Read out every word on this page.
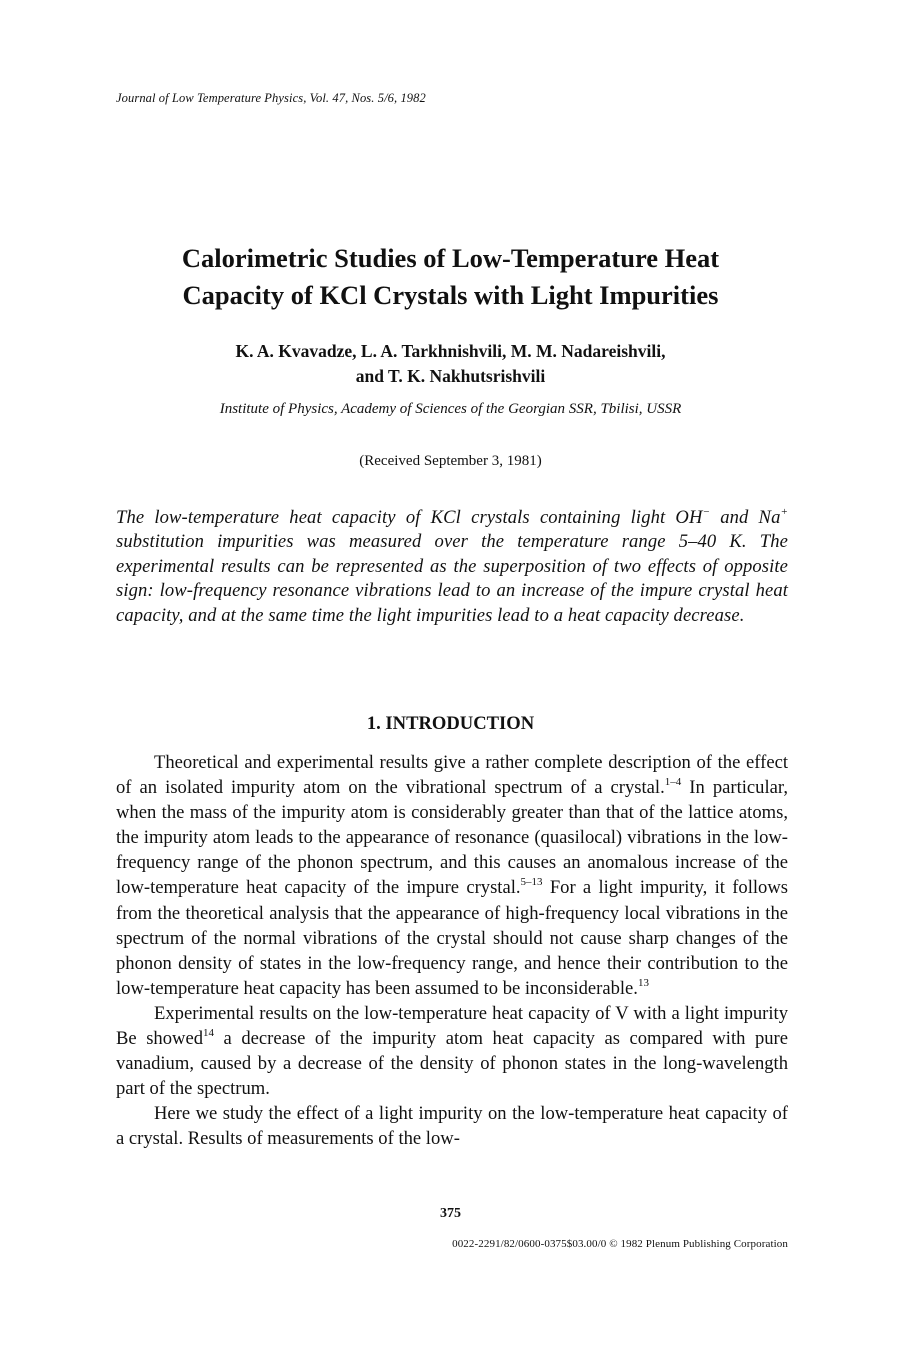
Journal of Low Temperature Physics, Vol. 47, Nos. 5/6, 1982
Calorimetric Studies of Low-Temperature Heat
Capacity of KCl Crystals with Light Impurities
K. A. Kvavadze, L. A. Tarkhnishvili, M. M. Nadareishvili,
and T. K. Nakhutsrishvili
Institute of Physics, Academy of Sciences of the Georgian SSR, Tbilisi, USSR
(Received September 3, 1981)
The low-temperature heat capacity of KCl crystals containing light OH− and Na+ substitution impurities was measured over the temperature range 5–40 K. The experimental results can be represented as the superposition of two effects of opposite sign: low-frequency resonance vibrations lead to an increase of the impure crystal heat capacity, and at the same time the light impurities lead to a heat capacity decrease.
1. INTRODUCTION

Theoretical and experimental results give a rather complete description of the effect of an isolated impurity atom on the vibrational spectrum of a crystal.$^{1-4}$ In particular, when the mass of the impurity atom is considerably greater than that of the lattice atoms, the impurity atom leads to the appearance of resonance (quasilocal) vibrations in the low-frequency range of the phonon spectrum, and this causes an anomalous increase of the low-temperature heat capacity of the impure crystal.$^{5-13}$ For a light impurity, it follows from the theoretical analysis that the appearance of high-frequency local vibrations in the spectrum of the normal vibrations of the crystal should not cause sharp changes of the phonon density of states in the low-frequency range, and hence their contribution to the low-temperature heat capacity has been assumed to be inconsiderable.$^{13}$

Experimental results on the low-temperature heat capacity of V with a light impurity Be showed$^{14}$ a decrease of the impurity atom heat capacity as compared with pure vanadium, caused by a decrease of the density of phonon states in the long-wavelength part of the spectrum.

Here we study the effect of a light impurity on the low-temperature heat capacity of a crystal. Results of measurements of the low-

375
0022-2291/82/0600-0375$03.00/0 © 1982 Plenum Publishing Corporation
